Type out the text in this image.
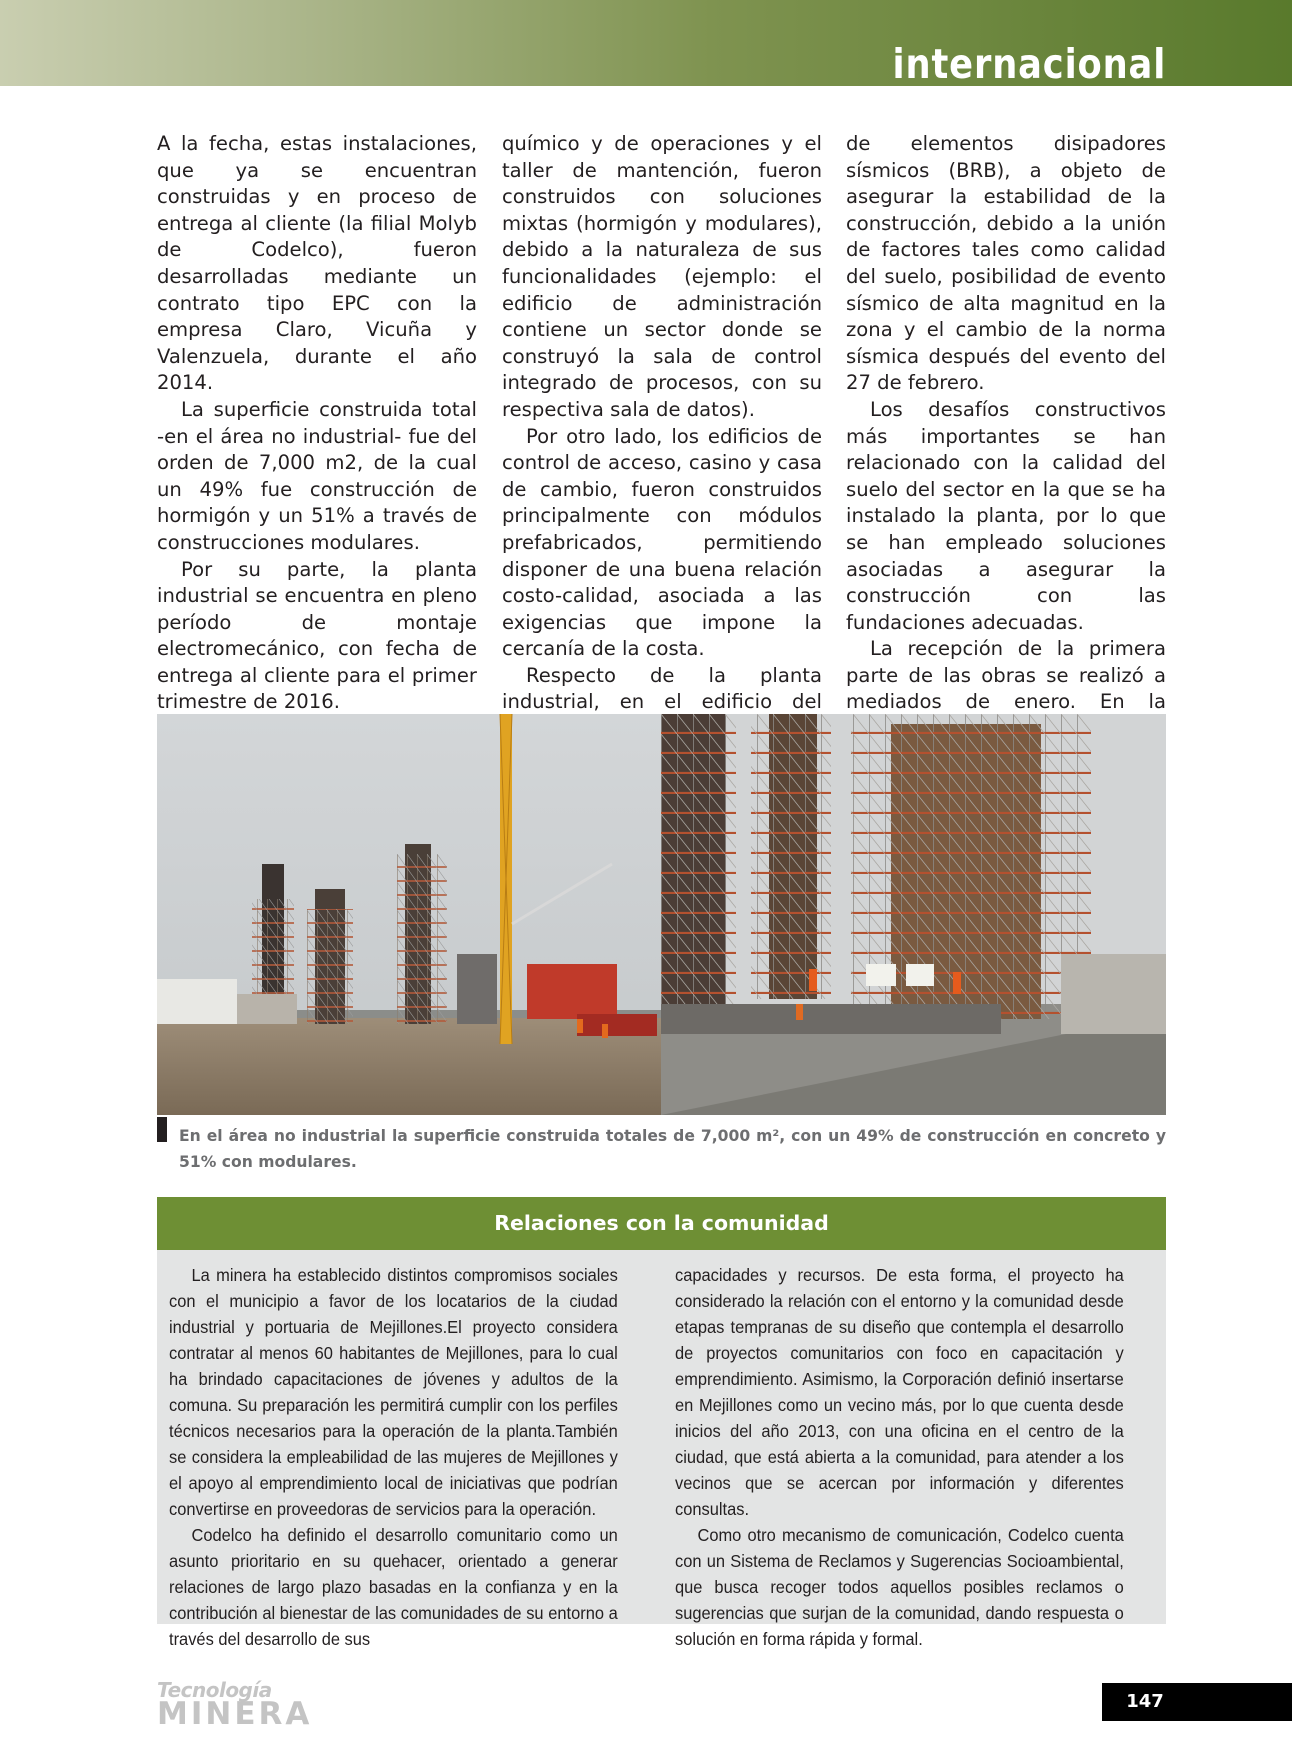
internacional

A la fecha, estas instalaciones, que ya se encuentran construidas y en proceso de entrega al cliente (la filial Molyb de Codelco), fueron desarrolladas mediante un contrato tipo EPC con la empresa Claro, Vicuña y Valenzuela, durante el año 2014.

La superficie construida total -en el área no industrial- fue del orden de 7,000 m2, de la cual un 49% fue construcción de hormigón y un 51% a través de construcciones modulares.

Por su parte, la planta industrial se encuentra en pleno período de montaje electromecánico, con fecha de entrega al cliente para el primer trimestre de 2016.

químico y de operaciones y el taller de mantención, fueron construidos con soluciones mixtas (hormigón y modulares), debido a la naturaleza de sus funcionalidades (ejemplo: el edificio de administración contiene un sector donde se construyó la sala de control integrado de procesos, con su respectiva sala de datos).

Por otro lado, los edificios de control de acceso, casino y casa de cambio, fueron construidos principalmente con módulos prefabricados, permitiendo disponer de una buena relación costo-calidad, asociada a las exigencias que impone la cercanía de la costa.

Respecto de la planta industrial, en el edificio del

de elementos disipadores sísmicos (BRB), a objeto de asegurar la estabilidad de la construcción, debido a la unión de factores tales como calidad del suelo, posibilidad de evento sísmico de alta magnitud en la zona y el cambio de la norma sísmica después del evento del 27 de febrero.

Los desafíos constructivos más importantes se han relacionado con la calidad del suelo del sector en la que se ha instalado la planta, por lo que se han empleado soluciones asociadas a asegurar la construcción con las fundaciones adecuadas.

La recepción de la primera parte de las obras se realizó a mediados de enero. En la

En el área no industrial la superficie construida totales de 7,000 m², con un 49% de construcción en concreto y 51% con modulares.
Relaciones con la comunidad

La minera ha establecido distintos compromisos sociales con el municipio a favor de los locatarios de la ciudad industrial y portuaria de Mejillones.El proyecto considera contratar al menos 60 habitantes de Mejillones, para lo cual ha brindado capacitaciones de jóvenes y adultos de la comuna. Su preparación les permitirá cumplir con los perfiles técnicos necesarios para la operación de la planta.También se considera la empleabilidad de las mujeres de Mejillones y el apoyo al emprendimiento local de iniciativas que podrían convertirse en proveedoras de servicios para la operación.

Codelco ha definido el desarrollo comunitario como un asunto prioritario en su quehacer, orientado a generar relaciones de largo plazo basadas en la confianza y en la contribución al bienestar de las comunidades de su entorno a través del desarrollo de sus

capacidades y recursos. De esta forma, el proyecto ha considerado la relación con el entorno y la comunidad desde etapas tempranas de su diseño que contempla el desarrollo de proyectos comunitarios con foco en capacitación y emprendimiento. Asimismo, la Corporación definió insertarse en Mejillones como un vecino más, por lo que cuenta desde inicios del año 2013, con una oficina en el centro de la ciudad, que está abierta a la comunidad, para atender a los vecinos que se acercan por información y diferentes consultas.

Como otro mecanismo de comunicación, Codelco cuenta con un Sistema de Reclamos y Sugerencias Socioambiental, que busca recoger todos aquellos posibles reclamos o sugerencias que surjan de la comunidad, dando respuesta o solución en forma rápida y formal.

Tecnología
MINERA	147
